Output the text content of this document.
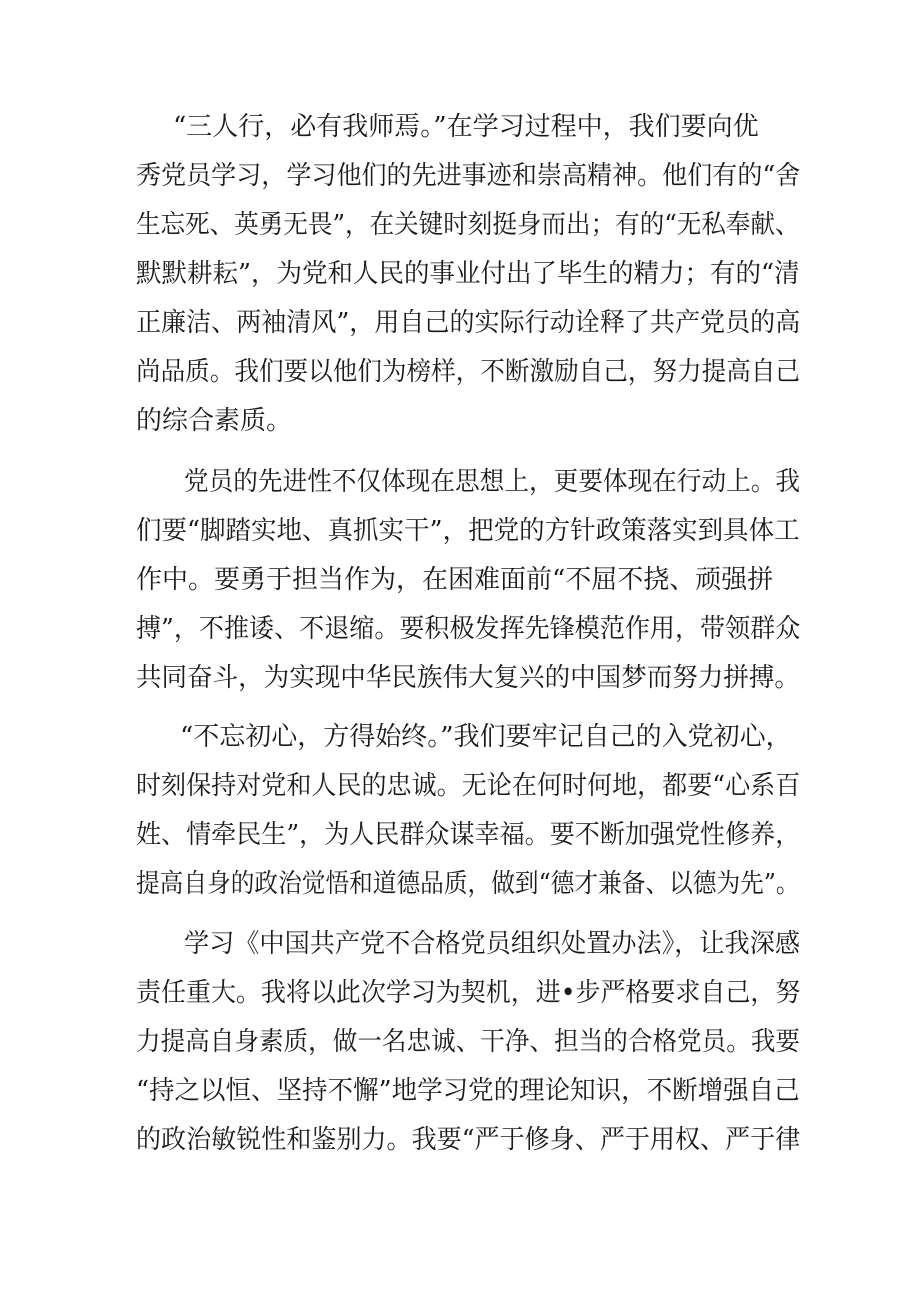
“三人行，必有我师焉。”在学习过程中，我们要向优
秀党员学习，学习他们的先进事迹和崇高精神。他们有的“舍
生忘死、英勇无畏”，在关键时刻挺身而出；有的“无私奉献、
默默耕耘”，为党和人民的事业付出了毕生的精力；有的“清
正廉洁、两袖清风”，用自己的实际行动诠释了共产党员的高
尚品质。我们要以他们为榜样，不断激励自己，努力提高自己
的综合素质。
党员的先进性不仅体现在思想上，更要体现在行动上。我
们要“脚踏实地、真抓实干”，把党的方针政策落实到具体工
作中。要勇于担当作为，在困难面前“不屈不挠、顽强拼
搏”，不推诿、不退缩。要积极发挥先锋模范作用，带领群众
共同奋斗，为实现中华民族伟大复兴的中国梦而努力拼搏。
“不忘初心，方得始终。”我们要牢记自己的入党初心，
时刻保持对党和人民的忠诚。无论在何时何地，都要“心系百
姓、情牵民生”，为人民群众谋幸福。要不断加强党性修养，
提高自身的政治觉悟和道德品质，做到“德才兼备、以德为先”。
学习《中国共产党不合格党员组织处置办法》，让我深感
责任重大。我将以此次学习为契机，进•步严格要求自己，努
力提高自身素质，做一名忠诚、干净、担当的合格党员。我要
“持之以恒、坚持不懈”地学习党的理论知识，不断增强自己
的政治敏锐性和鉴别力。我要“严于修身、严于用权、严于律
